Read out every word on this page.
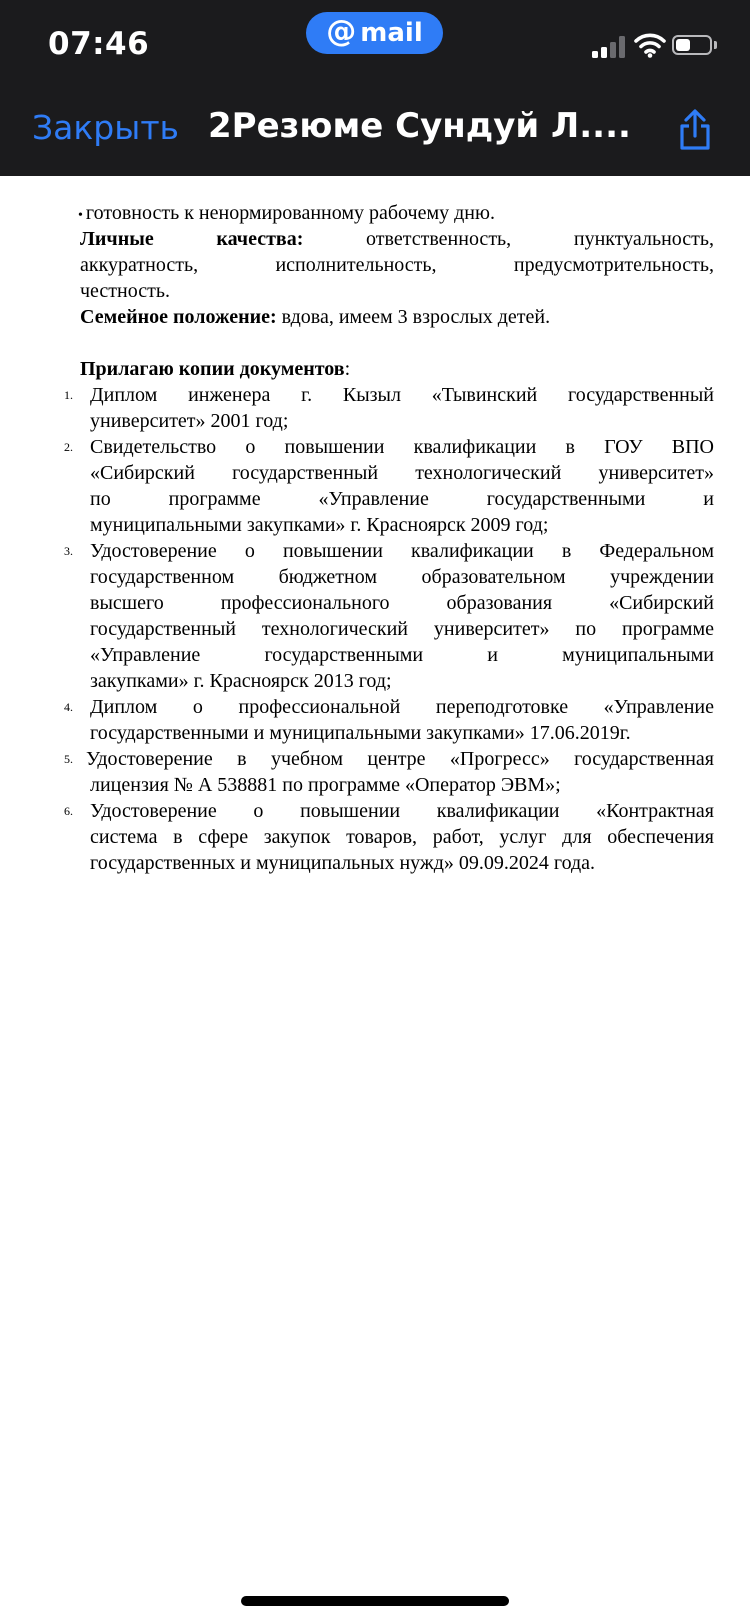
07:46	@ mail
Закрыть 2Резюме Сундуй Л....
• готовность к ненормированному рабочему дню.
Личные качества:	ответственность,	пунктуальность,
аккуратность,	исполнительность,	предусмотрительность,
честность.
Семейное положение: вдова, имеем 3 взрослых детей.
Прилагаю копии документов:
1. Диплом инженера г. Кызыл «Тывинский государственный
университет» 2001 год;
2. Свидетельство о повышении квалификации в ГОУ ВПО
«Сибирский государственный технологический университет»
по программе «Управление государственными и
муниципальными закупками» г. Красноярск 2009 год;
3. Удостоверение о повышении квалификации в Федеральном
государственном бюджетном образовательном учреждении
высшего профессионального образования «Сибирский
государственный технологический университет» по программе
«Управление государственными и муниципальными
закупками» г. Красноярск 2013 год;
4. Диплом о профессиональной переподготовке «Управление
государственными и муниципальными закупками» 17.06.2019г.
5. Удостоверение в учебном центре «Прогресс» государственная
лицензия № А 538881 по программе «Оператор ЭВМ»;
6. Удостоверение о повышении квалификации «Контрактная
система в сфере закупок товаров, работ, услуг для обеспечения
государственных и муниципальных нужд» 09.09.2024 года.
